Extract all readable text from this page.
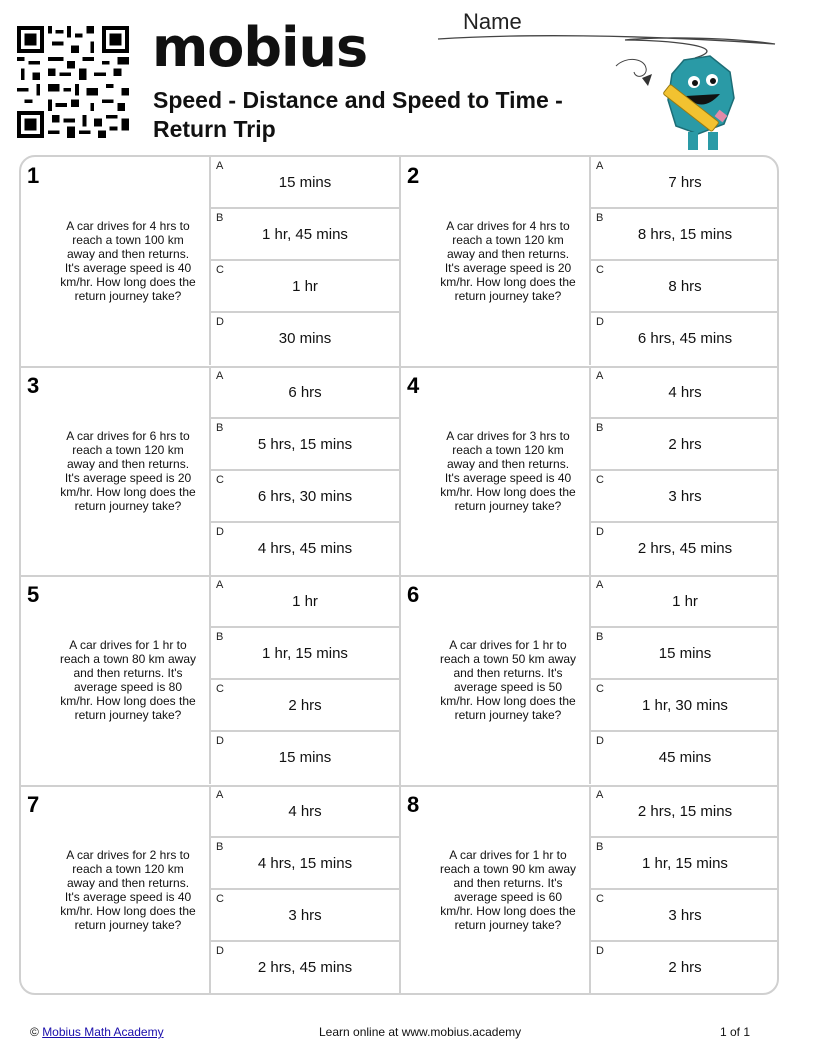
mobius
Speed - Distance and Speed to Time -
Return Trip
Name
1
A car drives for 4 hrs to reach a town 100 km away and then returns. It's average speed is 40 km/hr. How long does the return journey take?
A
15 mins
B
1 hr, 45 mins
C
1 hr
D
30 mins
2
A car drives for 4 hrs to reach a town 120 km away and then returns. It's average speed is 20 km/hr. How long does the return journey take?
A
7 hrs
B
8 hrs, 15 mins
C
8 hrs
D
6 hrs, 45 mins
3
A car drives for 6 hrs to reach a town 120 km away and then returns. It's average speed is 20 km/hr. How long does the return journey take?
A
6 hrs
B
5 hrs, 15 mins
C
6 hrs, 30 mins
D
4 hrs, 45 mins
4
A car drives for 3 hrs to reach a town 120 km away and then returns. It's average speed is 40 km/hr. How long does the return journey take?
A
4 hrs
B
2 hrs
C
3 hrs
D
2 hrs, 45 mins
5
A car drives for 1 hr to reach a town 80 km away and then returns. It's average speed is 80 km/hr. How long does the return journey take?
A
1 hr
B
1 hr, 15 mins
C
2 hrs
D
15 mins
6
A car drives for 1 hr to reach a town 50 km away and then returns. It's average speed is 50 km/hr. How long does the return journey take?
A
1 hr
B
15 mins
C
1 hr, 30 mins
D
45 mins
7
A car drives for 2 hrs to reach a town 120 km away and then returns. It's average speed is 40 km/hr. How long does the return journey take?
A
4 hrs
B
4 hrs, 15 mins
C
3 hrs
D
2 hrs, 45 mins
8
A car drives for 1 hr to reach a town 90 km away and then returns. It's average speed is 60 km/hr. How long does the return journey take?
A
2 hrs, 15 mins
B
1 hr, 15 mins
C
3 hrs
D
2 hrs
© Mobius Math Academy	Learn online at www.mobius.academy	1 of 1
